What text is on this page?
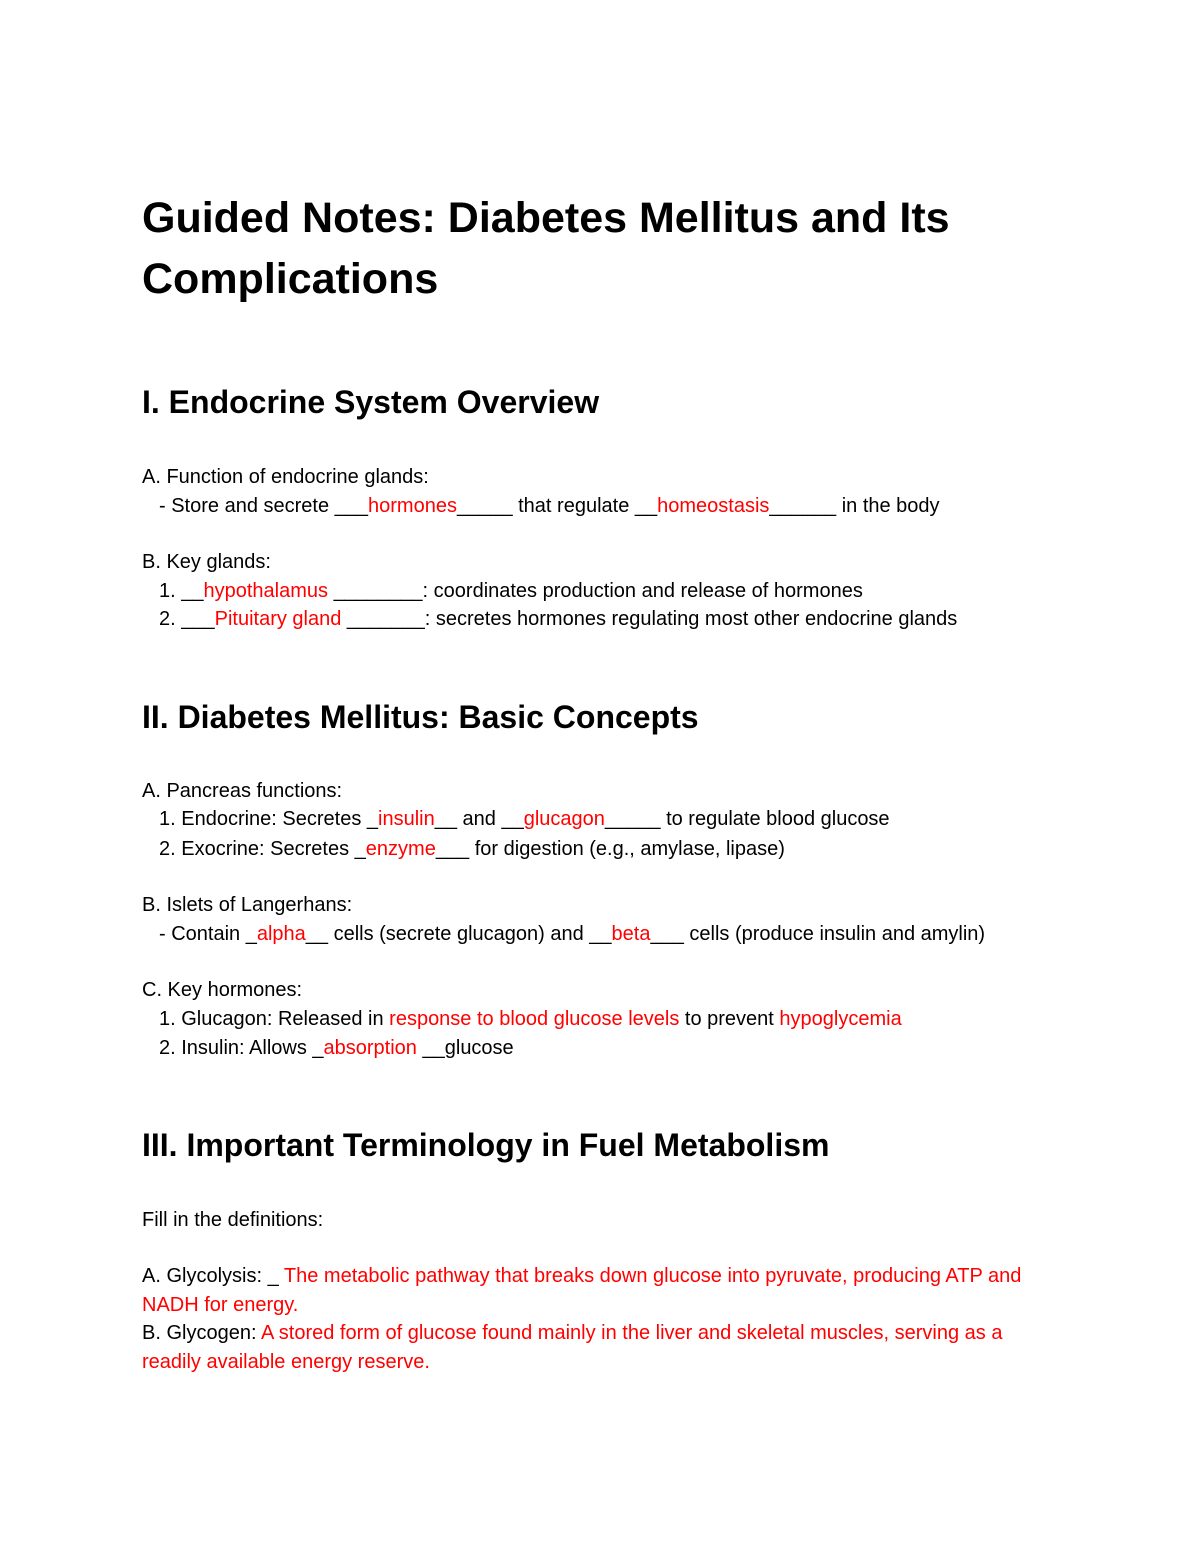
Guided Notes: Diabetes Mellitus and Its Complications
I. Endocrine System Overview
A. Function of endocrine glands:
- Store and secrete ___hormones_____ that regulate __homeostasis______ in the body
B. Key glands:
1. __hypothalamus ________: coordinates production and release of hormones
2. ___Pituitary gland _______: secretes hormones regulating most other endocrine glands
II. Diabetes Mellitus: Basic Concepts
A. Pancreas functions:
1. Endocrine: Secretes _insulin__ and __glucagon_____ to regulate blood glucose
2. Exocrine: Secretes _enzyme___ for digestion (e.g., amylase, lipase)
B. Islets of Langerhans:
- Contain _alpha__ cells (secrete glucagon) and __beta___ cells (produce insulin and amylin)
C. Key hormones:
1. Glucagon: Released in response to blood glucose levels to prevent hypoglycemia
2. Insulin: Allows _absorption __glucose
III. Important Terminology in Fuel Metabolism
Fill in the definitions:
A. Glycolysis: _ The metabolic pathway that breaks down glucose into pyruvate, producing ATP and NADH for energy.
B. Glycogen: A stored form of glucose found mainly in the liver and skeletal muscles, serving as a readily available energy reserve.
